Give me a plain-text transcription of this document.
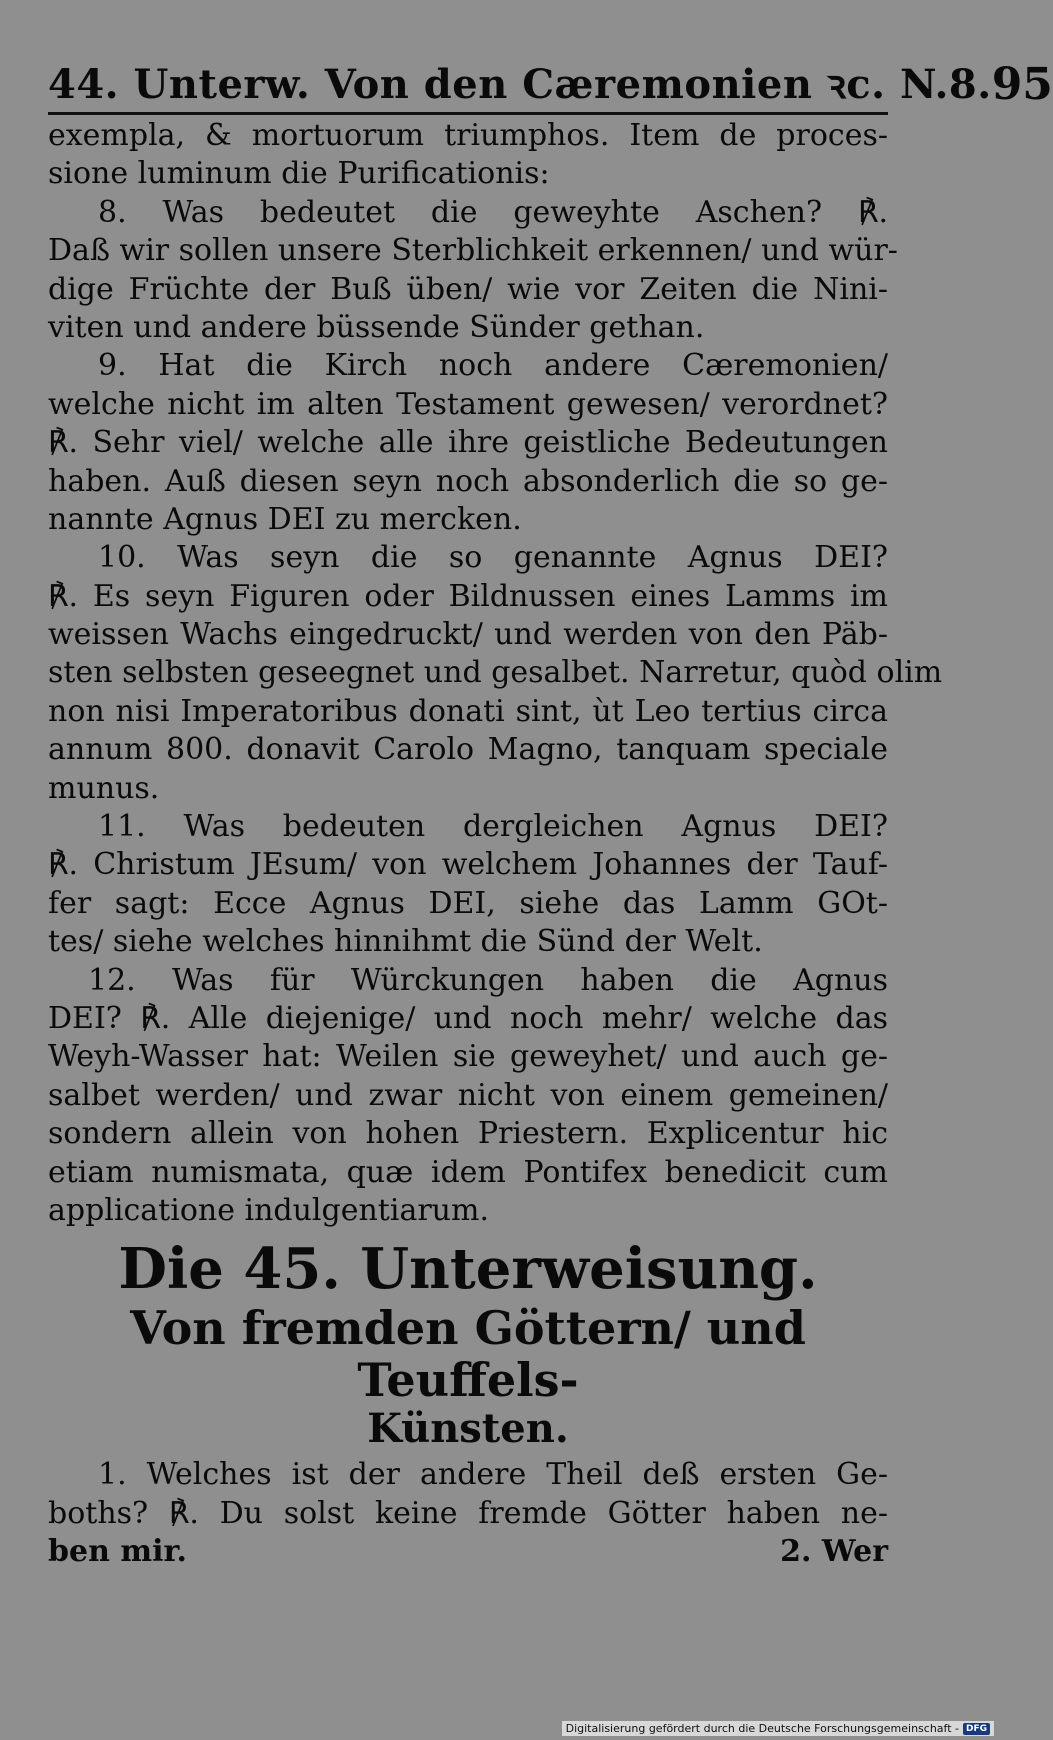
44. Unterw. Von den Cæremonien ꝛc. N.8. 95
exempla, & mortuorum triumphos. Item de proces-
sione luminum die Purificationis:
8. Was bedeutet die geweyhte Aschen? ℟.
Daß wir sollen unsere Sterblichkeit erkennen/ und wür-
dige Früchte der Buß üben/ wie vor Zeiten die Nini-
viten und andere büssende Sünder gethan.
9. Hat die Kirch noch andere Cæremonien/
welche nicht im alten Testament gewesen/ verordnet?
℟. Sehr viel/ welche alle ihre geistliche Bedeutungen
haben. Auß diesen seyn noch absonderlich die so ge-
nannte Agnus DEI zu mercken.
10. Was seyn die so genannte Agnus DEI?
℟. Es seyn Figuren oder Bildnussen eines Lamms im
weissen Wachs eingedruckt/ und werden von den Päb-
sten selbsten geseegnet und gesalbet. Narretur, quòd olim
non nisi Imperatoribus donati sint, ùt Leo tertius circa
annum 800. donavit Carolo Magno, tanquam speciale
munus.
11. Was bedeuten dergleichen Agnus DEI?
℟. Christum JEsum/ von welchem Johannes der Tauf-
fer sagt: Ecce Agnus DEI, siehe das Lamm GOt-
tes/ siehe welches hinnihmt die Sünd der Welt.
12. Was für Würckungen haben die Agnus
DEI? ℟. Alle diejenige/ und noch mehr/ welche das
Weyh-Wasser hat: Weilen sie geweyhet/ und auch ge-
salbet werden/ und zwar nicht von einem gemeinen/
sondern allein von hohen Priestern. Explicentur hic
etiam numismata, quæ idem Pontifex benedicit cum
applicatione indulgentiarum.
Die 45. Unterweisung.
Von fremden Göttern/ und Teuffels-
Künsten.
1. Welches ist der andere Theil deß ersten Ge-
boths? ℟. Du solst keine fremde Götter haben ne-
ben mir.	2. Wer
Digitalisierung gefördert durch die Deutsche Forschungsgemeinschaft - DFG
